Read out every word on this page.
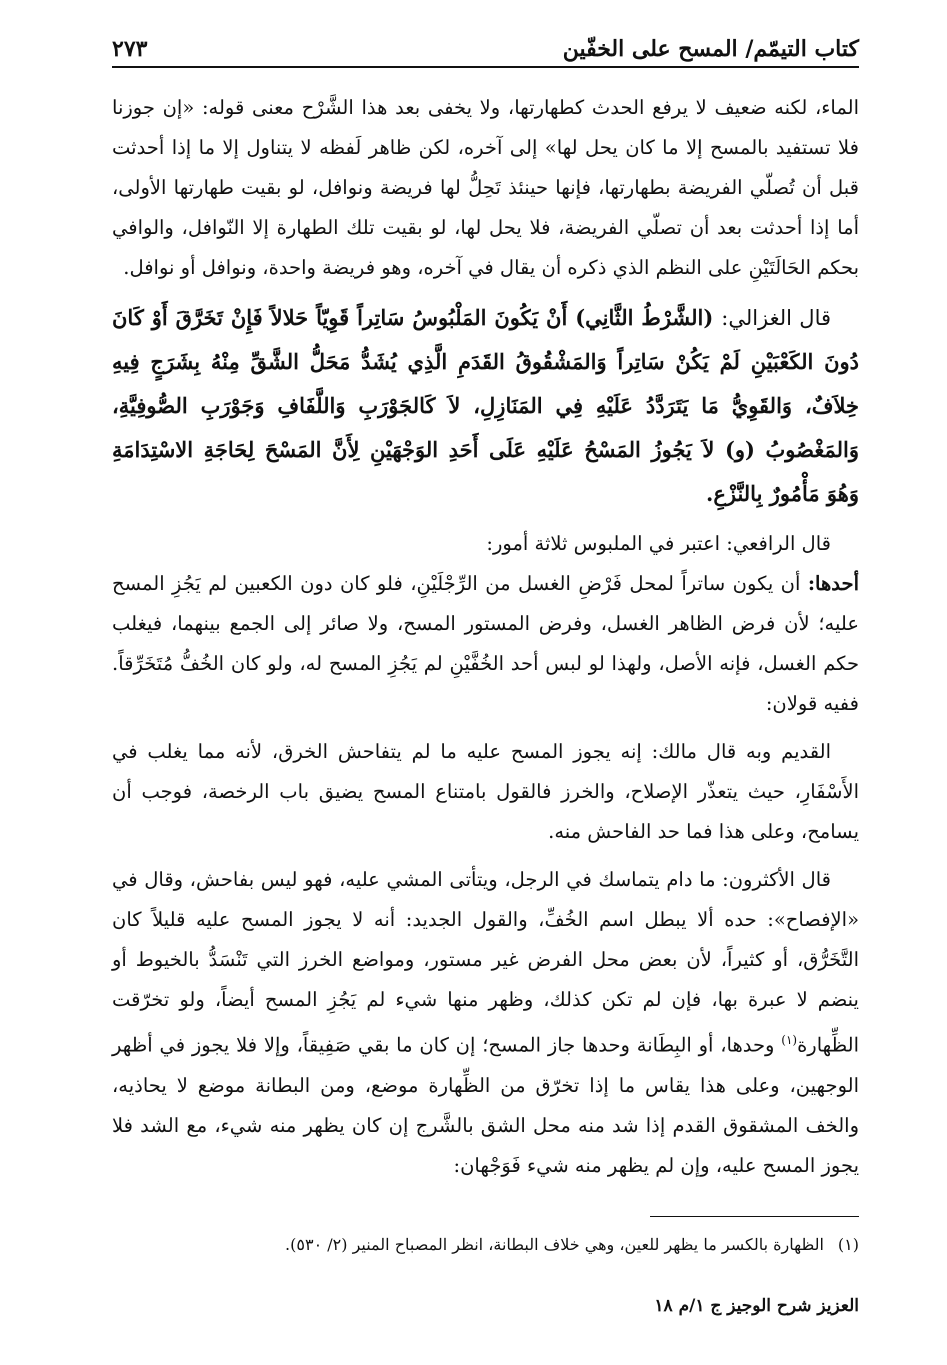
كتاب التيمّم/ المسح على الخفّين
٢٧٣

الماء، لكنه ضعيف لا يرفع الحدث كطهارتها، ولا يخفى بعد هذا الشَّرْح معنى قوله: «إن جوزنا فلا تستفيد بالمسح إلا ما كان يحل لها» إلى آخره، لكن ظاهر لَفظه لا يتناول إلا ما إذا أحدثت قبل أن تُصلّي الفريضة بطهارتها، فإنها حينئذ تَحِلُّ لها فريضة ونوافل، لو بقيت طهارتها الأولى، أما إذا أحدثت بعد أن تصلّي الفريضة، فلا يحل لها، لو بقيت تلك الطهارة إلا النّوافل، والوافي بحكم الحَالَتَيْنِ على النظم الذي ذكره أن يقال في آخره، وهو فريضة واحدة، ونوافل أو نوافل.

قال الغزالي: (الشَّرْطُ الثَّانِي) أَنْ يَكُونَ المَلْبُوسُ سَاتِراً قَوِيّاً حَلالاً فَإِنْ تَخَرَّقَ أَوْ كَانَ دُونَ الكَعْبَيْنِ لَمْ يَكُنْ سَاتِراً وَالمَشْقُوقُ القَدَمِ الَّذِي يُشَدُّ مَحَلُّ الشَّقِّ مِنْهُ بِشَرَجٍ فِيهِ خِلاَفٌ، وَالقَوِيُّ مَا يَتَرَدَّدُ عَلَيْهِ فِي المَنَازِلِ، لاَ كَالجَوْرَبِ وَاللَّفَافِ وَجَوْرَبِ الصُّوفِيَّةِ، وَالمَغْصُوبُ (و) لاَ يَجُوزُ المَسْحُ عَلَيْهِ عَلَى أَحَدِ الوَجْهَيْنِ لِأَنَّ المَسْحَ لِحَاجَةِ الاسْتِدَامَةِ وَهُوَ مَأْمُورٌ بِالنَّزْعِ.

قال الرافعي: اعتبر في الملبوس ثلاثة أمور:

أحدها: أن يكون ساتراً لمحل فَرْضِ الغسل من الرِّجْلَيْنِ، فلو كان دون الكعبين لم يَجُزِ المسح عليه؛ لأن فرض الظاهر الغسل، وفرض المستور المسح، ولا صائر إلى الجمع بينهما، فيغلب حكم الغسل، فإنه الأصل، ولهذا لو لبس أحد الخُفَّيْنِ لم يَجُزِ المسح له، ولو كان الخُفُّ مُتَخَرِّقاً. ففيه قولان:

القديم وبه قال مالك: إنه يجوز المسح عليه ما لم يتفاحش الخرق، لأنه مما يغلب في الأَسْفَارِ، حيث يتعذّر الإصلاح، والخرز فالقول بامتناع المسح يضيق باب الرخصة، فوجب أن يسامح، وعلى هذا فما حد الفاحش منه.

قال الأكثرون: ما دام يتماسك في الرجل، ويتأتى المشي عليه، فهو ليس بفاحش، وقال في «الإفصاح»: حده ألا يبطل اسم الخُفِّ، والقول الجديد: أنه لا يجوز المسح عليه قليلاً كان التَّخَرُّق، أو كثيراً، لأن بعض محل الفرض غير مستور، ومواضع الخرز التي تَنْسَدُّ بالخيوط أو ينضم لا عبرة بها، فإن لم تكن كذلك، وظهر منها شيء لم يَجُزِ المسح أيضاً، ولو تخرّقت الظِّهارة$^{(١)}$ وحدها، أو البِطَانة وحدها جاز المسح؛ إن كان ما بقي صَفِيقاً، وإلا فلا يجوز في أظهر الوجهين، وعلى هذا يقاس ما إذا تخرّق من الظِّهارة موضع، ومن البطانة موضع لا يحاذيه، والخف المشقوق القدم إذا شد منه محل الشق بالشَّرج إن كان يظهر منه شيء، مع الشد فلا يجوز المسح عليه، وإن لم يظهر منه شيء فَوَجْهان:

(١)الظهارة بالكسر ما يظهر للعين، وهي خلاف البطانة، انظر المصباح المنير (٢/ ٥٣٠).
العزيز شرح الوجيز ج ١/م ١٨
